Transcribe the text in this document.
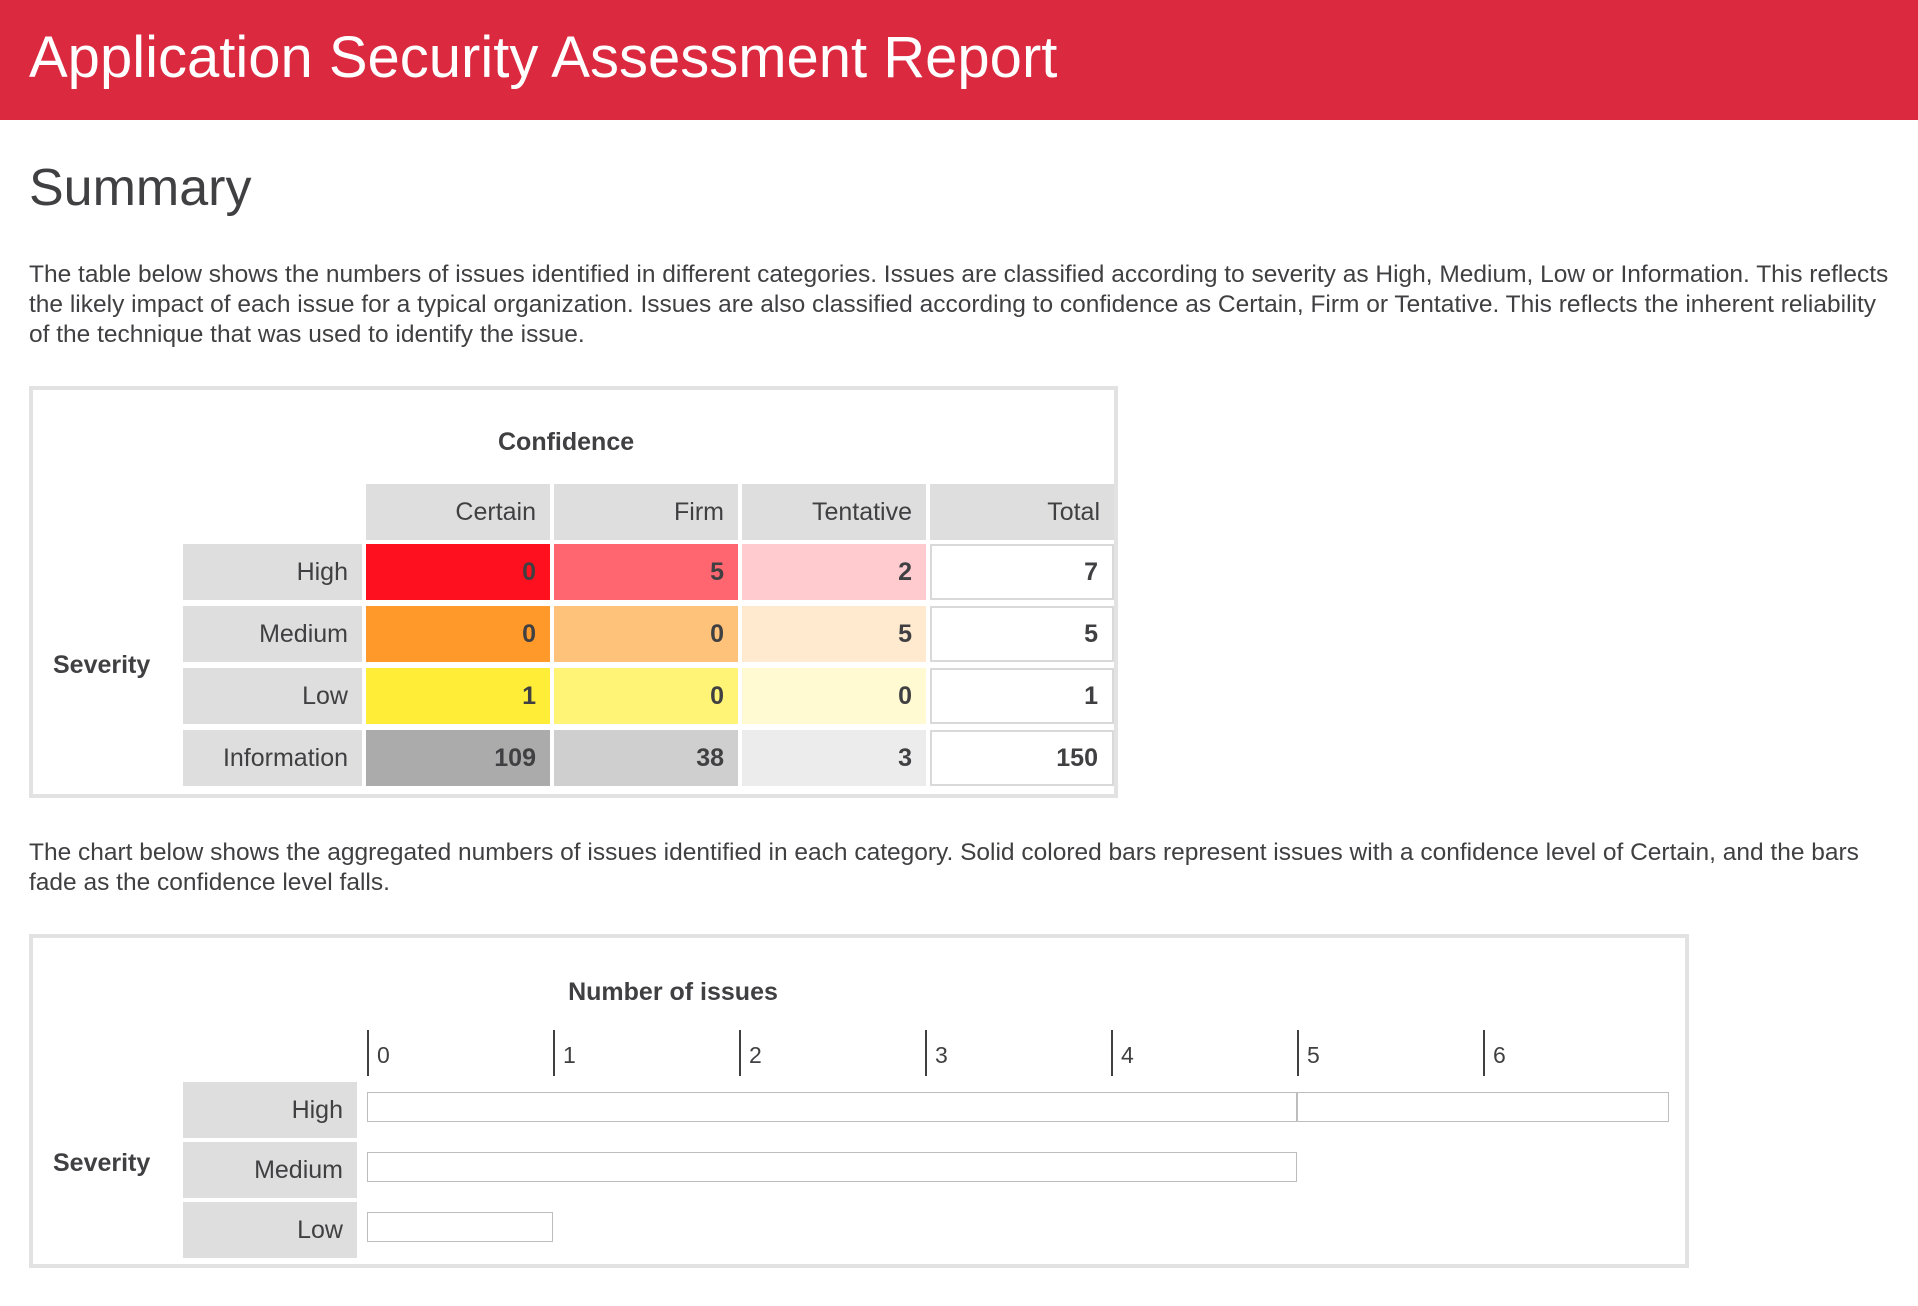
Application Security Assessment Report
Summary

The table below shows the numbers of issues identified in different categories. Issues are classified according to severity as High, Medium, Low or Information. This reflects the likely impact of each issue for a typical organization. Issues are also classified according to confidence as Certain, Firm or Tentative. This reflects the inherent reliability of the technique that was used to identify the issue.

Confidence
Severity
Certain	Firm	Tentative	Total
High	0	5	2	7
Medium	0	0	5	5
Low	1	0	0	1
Information	109	38	3	150

The chart below shows the aggregated numbers of issues identified in each category. Solid colored bars represent issues with a confidence level of Certain, and the bars fade as the confidence level falls.

Number of issues
Severity
High
Medium
Low
0	1	2	3	4	5	6
